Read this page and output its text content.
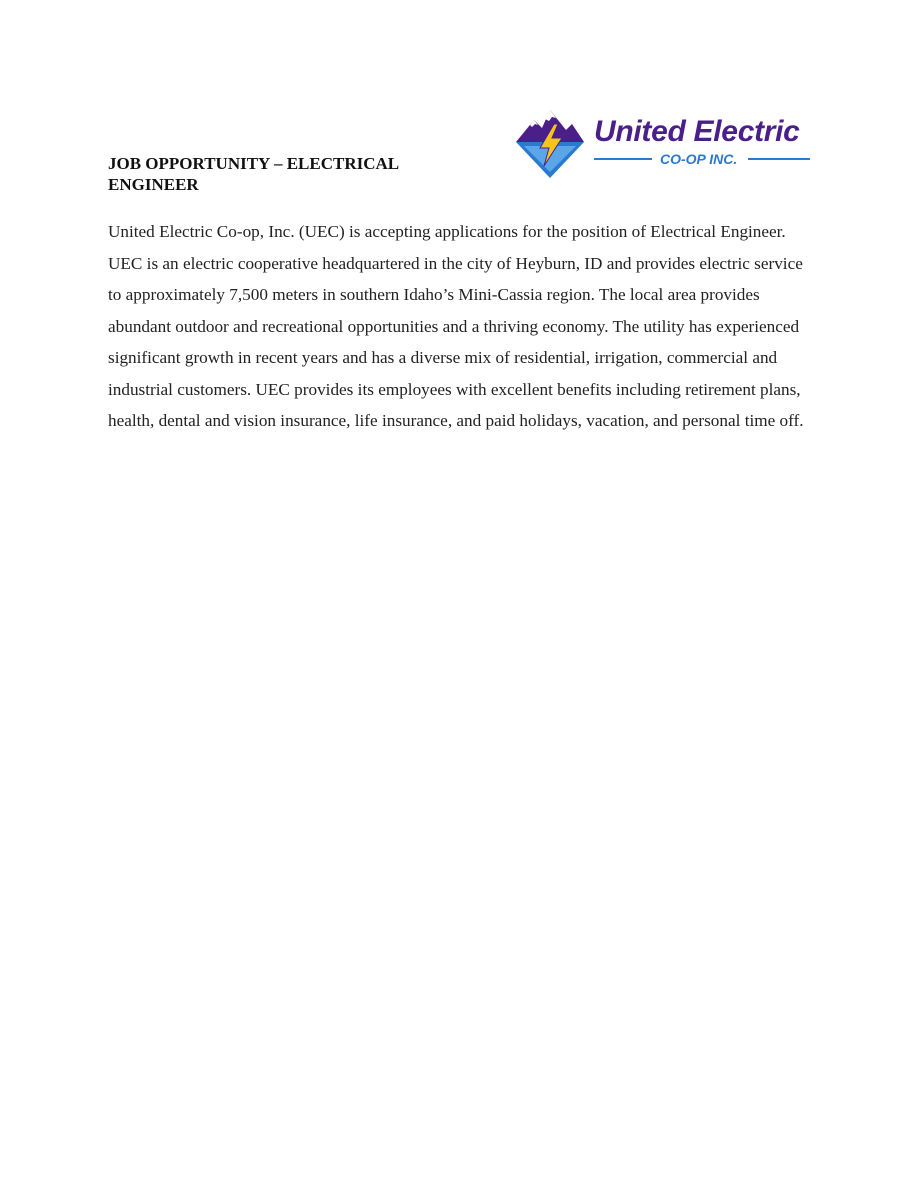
United Electric
CO-OP INC.
JOB OPPORTUNITY – ELECTRICAL ENGINEER

United Electric Co-op, Inc. (UEC) is accepting applications for the position of Electrical Engineer. UEC is an electric cooperative headquartered in the city of Heyburn, ID and provides electric service to approximately 7,500 meters in southern Idaho’s Mini-Cassia region. The local area provides abundant outdoor and recreational opportunities and a thriving economy. The utility has experienced significant growth in recent years and has a diverse mix of residential, irrigation, commercial and industrial customers. UEC provides its employees with excellent benefits including retirement plans, health, dental and vision insurance, life insurance, and paid holidays, vacation, and personal time off.
